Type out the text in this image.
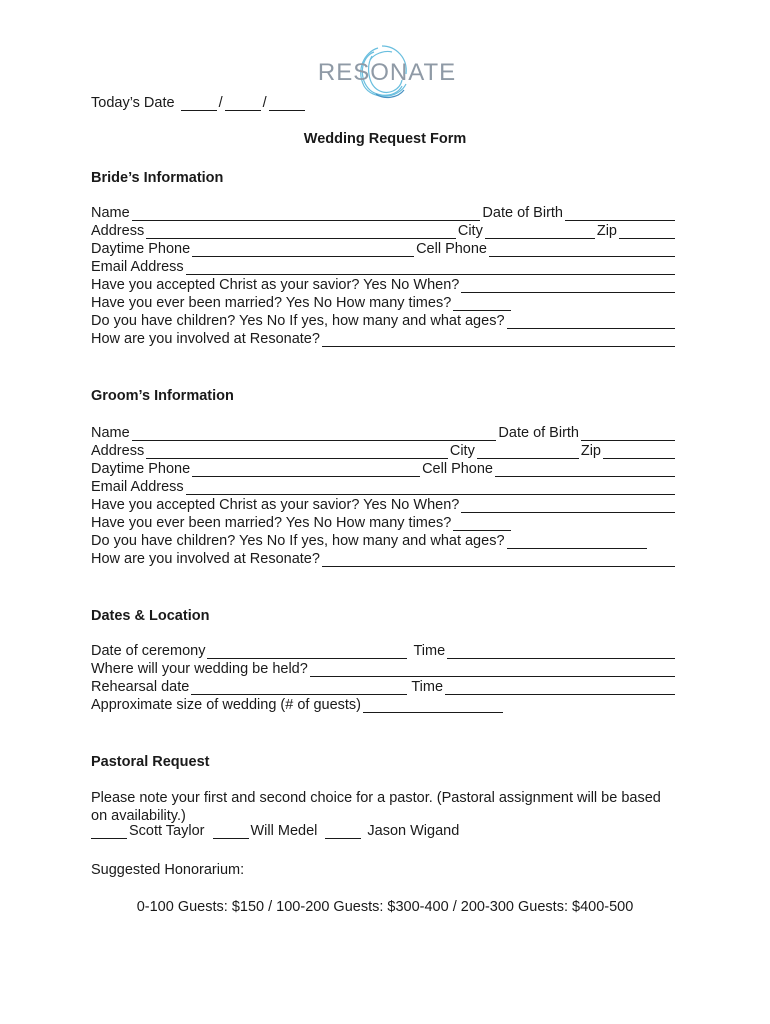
RESONATE
Today’s Date	/	/
Wedding Request Form
Bride’s Information
Name	Date of Birth
Address	City	Zip
Daytime Phone	Cell Phone
Email Address
Have you accepted Christ as your savior? Yes No When?
Have you ever been married? Yes No How many times?
Do you have children? Yes No If yes, how many and what ages?
How are you involved at Resonate?
Groom’s Information
Name	Date of Birth
Address	City	Zip
Daytime Phone	Cell Phone
Email Address
Have you accepted Christ as your savior? Yes No When?
Have you ever been married? Yes No How many times?
Do you have children? Yes No If yes, how many and what ages?
How are you involved at Resonate?
Dates & Location
Date of ceremony	Time
Where will your wedding be held?
Rehearsal date	Time
Approximate size of wedding (# of guests)
Pastoral Request
Please note your first and second choice for a pastor. (Pastoral assignment will be based on availability.)
Scott Taylor	Will Medel	Jason Wigand
Suggested Honorarium:
0-100 Guests: $150 / 100-200 Guests: $300-400 / 200-300 Guests: $400-500
